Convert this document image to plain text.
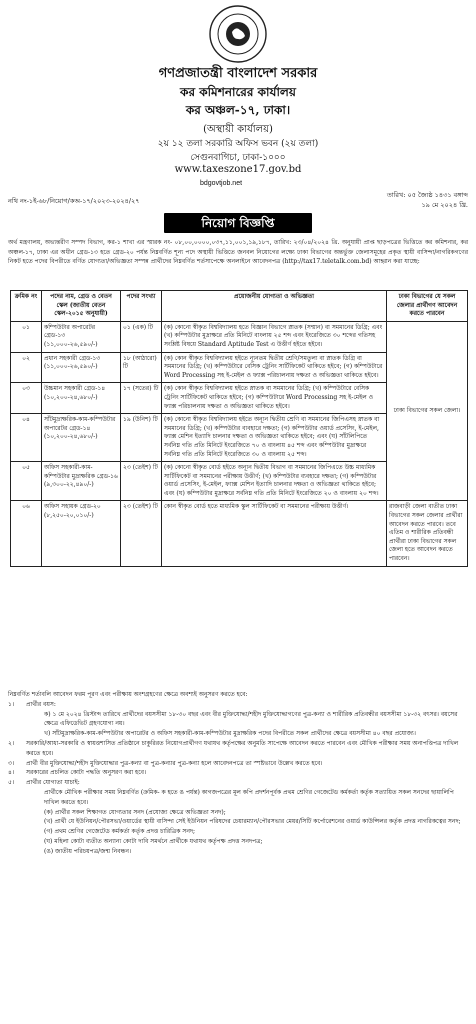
গণপ্রজাতন্ত্রী বাংলাদেশ সরকার
কর কমিশনারের কার্যালয়
কর অঞ্চল-১৭, ঢাকা।
(অস্থায়ী কার্যালয়)
২য় ১২ তলা সরকারি অফিস ভবন (২য় তলা)
সেগুনবাগিচা, ঢাকা-১০০০
www.taxeszone17.gov.bd
bdgovtjob.net
নথি নং-১ই-৬৮/নিয়োগ/কঅ-১৭/২০২৩-২০২৪/২৭
তারিখ: ০৫ জ্যৈষ্ঠ ১৪৩১ বঙ্গাব্দ
১৯ মে ২০২৪ খ্রি.
নিয়োগ বিজ্ঞপ্তি
অর্থ মন্ত্রণালয়, অভ্যন্তরীণ সম্পদ বিভাগ, কর-১ শাখা এর স্মারক নং- ০৮,০০,০০০০,০৩৭,১১,০০১,১৯,১৮৭, তারিখ: ২৩/০৪/২০২৪ খ্রি. অনুযায়ী প্রাপ্ত ছাড়পত্রের ভিত্তিতে কর কমিশনার, কর অঞ্চল-১৭, ঢাকা এর অধীন গ্রেড-১৩ হতে গ্রেড-২০ পর্যন্ত নিম্নবর্ণিত শূন্য পদে অস্থায়ী ভিত্তিতে জনবল নিয়োগের লক্ষ্যে ঢাকা বিভাগের অন্তর্ভুক্ত জেলাসমূহের প্রকৃত স্থায়ী বাসিন্দা/নাগরিকগণের নিকট হতে পদের বিপরীতে বর্ণিত যোগ্যতা/অভিজ্ঞতা সম্পন্ন প্রার্থীদের নিম্নবর্ণিত শর্তসাপেক্ষে অনলাইনে আবেদনপত্র (http://tax17.teletalk.com.bd) আহ্বান করা যাচ্ছে:
ক্রমিক নং	পদের নাম, গ্রেড ও বেতন স্কেল (জাতীয় বেতন স্কেল-২০১৫ অনুযায়ী)	পদের সংখ্যা	প্রয়োজনীয় যোগ্যতা ও অভিজ্ঞতা	ঢাকা বিভাগের যে সকল জেলার প্রার্থীগণ আবেদন করতে পারবেন
০১	কম্পিউটার অপারেটর গ্রেড-১৩ (১১,০০০-২৬,৫৯০/-)	০১ (এক) টি	(ক) কোনো স্বীকৃত বিশ্ববিদ্যালয় হতে বিজ্ঞান বিভাগে স্নাতক (সম্মান) বা সমমানের ডিগ্রি; এবং (খ) কম্পিউটার মুদ্রাক্ষরে প্রতি মিনিটে বাংলায় ২৫ শব্দ এবং ইংরেজিতে ৩০ শব্দের গতিসহ সংশ্লিষ্ট বিষয়ে Standard Aptitude Test এ উত্তীর্ণ হইতে হইবে।	ঢাকা বিভাগের সকল জেলা।
০২	প্রধান সহকারী গ্রেড-১৩ (১১,০০০-২৬,৫৯০/-)	১৮ (আঠারো) টি	(ক) কোন স্বীকৃত বিশ্ববিদ্যালয় হইতে ন্যূনতম দ্বিতীয় শ্রেণি/সমতুল্য বা স্নাতক ডিগ্রি বা সমমানের ডিগ্রি; (খ) কম্পিউটারে বেসিক ট্রেনিং সার্টিফিকেট থাকিতে হইবে; (গ) কম্পিউটারে Word Processing সহ ই-মেইল ও ফ্যাক্স পরিচালনায় দক্ষতা ও অভিজ্ঞতা থাকিতে হইবে।	
০৩	উচ্চমান সহকারী গ্রেড-১৪ (১০,২০০-২৪,৬৮০/-)	১৭ (সতের) টি	(ক) কোন স্বীকৃত বিশ্ববিদ্যালয় হইতে স্নাতক বা সমমানের ডিগ্রি; (খ) কম্পিউটারে বেসিক ট্রেনিং সার্টিফিকেট থাকিতে হইবে; (গ) কম্পিউটারে Word Processing সহ ই-মেইল ও ফ্যাক্স পরিচালনায় দক্ষতা ও অভিজ্ঞতা থাকিতে হইবে।	
০৪	সাঁটমুদ্রাক্ষরিক-কাম-কম্পিউটার অপারেটর গ্রেড-১৪ (১০,২০০-২৪,৬৮০/-)	১৯ (উনিশ) টি	(ক) কোনো স্বীকৃত বিশ্ববিদ্যালয় হইতে অন্যূন দ্বিতীয় শ্রেণি বা সমমানের জিপিএসহ স্নাতক বা সমমানের ডিগ্রি; (খ) কম্পিউটার ব্যবহারে দক্ষতা; (গ) কম্পিউটার ওয়ার্ড প্রসেসিং, ই-মেইল, ফ্যাক্স মেশিন ইত্যাদি চালনার দক্ষতা ও অভিজ্ঞতা থাকিতে হইবে; এবং (ঘ) সাঁটলিপিতে সর্বনিম্ন গতি প্রতি মিনিটে ইংরেজিতে ৭০ ও বাংলায় ৪৫ শব্দ এবং কম্পিউটার মুদ্রাক্ষরে সর্বনিম্ন গতি প্রতি মিনিটে ইংরেজিতে ৩০ ও বাংলায় ২৫ শব্দ।	
০৫	অফিস সহকারী-কাম-কম্পিউটার মুদ্রাক্ষরিক গ্রেড-১৬ (৯,৩০০-২২,৪৯০/-)	২৩ (তেইশ) টি	(ক) কোনো স্বীকৃত বোর্ড হইতে অন্যূন দ্বিতীয় বিভাগ বা সমমানের জিপিএতে উচ্চ মাধ্যমিক সার্টিফিকেট বা সমমানের পরীক্ষায় উত্তীর্ণ; (খ) কম্পিউটার ব্যবহারে দক্ষতা; (গ) কম্পিউটার ওয়ার্ড প্রসেসিং, ই-মেইল, ফ্যাক্স মেশিন ইত্যাদি চালনার দক্ষতা ও অভিজ্ঞতা থাকিতে হইবে; এবং (ঘ) কম্পিউটার মুদ্রাক্ষরে সর্বনিম্ন গতি প্রতি মিনিটে ইংরেজিতে ২০ ও বাংলায় ২০ শব্দ।	
০৬	অফিস সহায়ক গ্রেড-২০ (৮,২৫০-২০,০১০/-)	২৩ (তেইশ) টি	কোন স্বীকৃত বোর্ড হতে মাধ্যমিক স্কুল সার্টিফিকেট বা সমমানের পরীক্ষায় উত্তীর্ণ।	রাজবাড়ী জেলা ব্যতীত ঢাকা বিভাগের সকল জেলার প্রার্থীরা আবেদন করতে পারবে। তবে এতিম ও শারীরিক প্রতিবন্ধী প্রার্থীরা ঢাকা বিভাগের সকল জেলা হতে আবেদন করতে পারবেন।
নিম্নবর্ণিত শর্তাবলি আবেদন ফরম পূরণ এবং পরীক্ষায় অংশগ্রহণের ক্ষেত্রে অবশ্যই অনুসরণ করতে হবে:
১।	প্রার্থীর বয়স:
ক) ১ মে ২০২৪ খ্রিস্টাব্দ তারিখে প্রার্থীদের বয়সসীমা ১৮-৩০ বছর এবং বীর মুক্তিযোদ্ধা/শহীদ মুক্তিযোদ্ধাগণের পুত্র-কন্যা ও শারীরিক প্রতিবন্ধীর বয়সসীমা ১৮-৩২ বৎসর। বয়সের ক্ষেত্রে এফিডেভিট গ্রহণযোগ্য নয়।
খ) সাঁটমুদ্রাক্ষরিক-কাম-কম্পিউটার অপারেটর ও অফিস সহকারী-কাম-কম্পিউটার মুদ্রাক্ষরিক পদের বিপরীতে সকল প্রার্থীদের ক্ষেত্রে বয়সসীমা ৪০ বছর প্রযোজ্য।
২।	সরকারি/আধা-সরকারি ও স্বায়ত্তশাসিত প্রতিষ্ঠানে চাকুরিরত নিয়োগপ্রার্থীগণ যথাযথ কর্তৃপক্ষের অনুমতি সাপেক্ষে আবেদন করতে পারবেন এবং মৌখিক পরীক্ষার সময় অনাপত্তিপত্র দাখিল করতে হবে।
৩।	প্রার্থী বীর মুক্তিযোদ্ধা/শহীদ মুক্তিযোদ্ধার পুত্র-কন্যা বা পুত্র-কন্যার পুত্র-কন্যা হলে আবেদনপত্রে তা স্পষ্টভাবে উল্লেখ করতে হবে।
৪।	সরকারের প্রচলিত কোটা পদ্ধতি অনুসরণ করা হবে।
৫।	প্রার্থীর যোগ্যতা যাচাই:
প্রার্থীকে মৌখিক পরীক্ষার সময় নিম্নবর্ণিত (ক্রমিক- ক হতে ঙ পর্যন্ত) কাগজপত্রের মূল কপি প্রদর্শনপূর্বক প্রথম শ্রেণির গেজেটেড কর্মকর্তা কর্তৃক সত্যায়িত সকল সনদের ছায়ালিপি দাখিল করতে হবে।
(ক) প্রার্থীর সকল শিক্ষাগত যোগ্যতার সনদ (প্রযোজ্য ক্ষেত্রে অভিজ্ঞতা সনদ);
(খ) প্রার্থী যে ইউনিয়ন/পৌরসভা/ওয়ার্ডের স্থায়ী বাসিন্দা সেই ইউনিয়ন পরিষদের চেয়ারম্যান/পৌরসভার মেয়র/সিটি কর্পোরেশনের ওয়ার্ড কাউন্সিলর কর্তৃক প্রদত্ত নাগরিকত্বের সনদ;
(গ) প্রথম শ্রেণির গেজেটেড কর্মকর্তা কর্তৃক প্রদত্ত চারিত্রিক সনদ;
(ঘ) মহিলা কোটা ব্যতীত অন্যান্য কোটা দাবি সমর্থনে প্রার্থীকে যথাযথ কর্তৃপক্ষ প্রদত্ত সনদপত্র;
(ঙ) জাতীয় পরিচয়পত্র/জন্ম নিবন্ধন।
